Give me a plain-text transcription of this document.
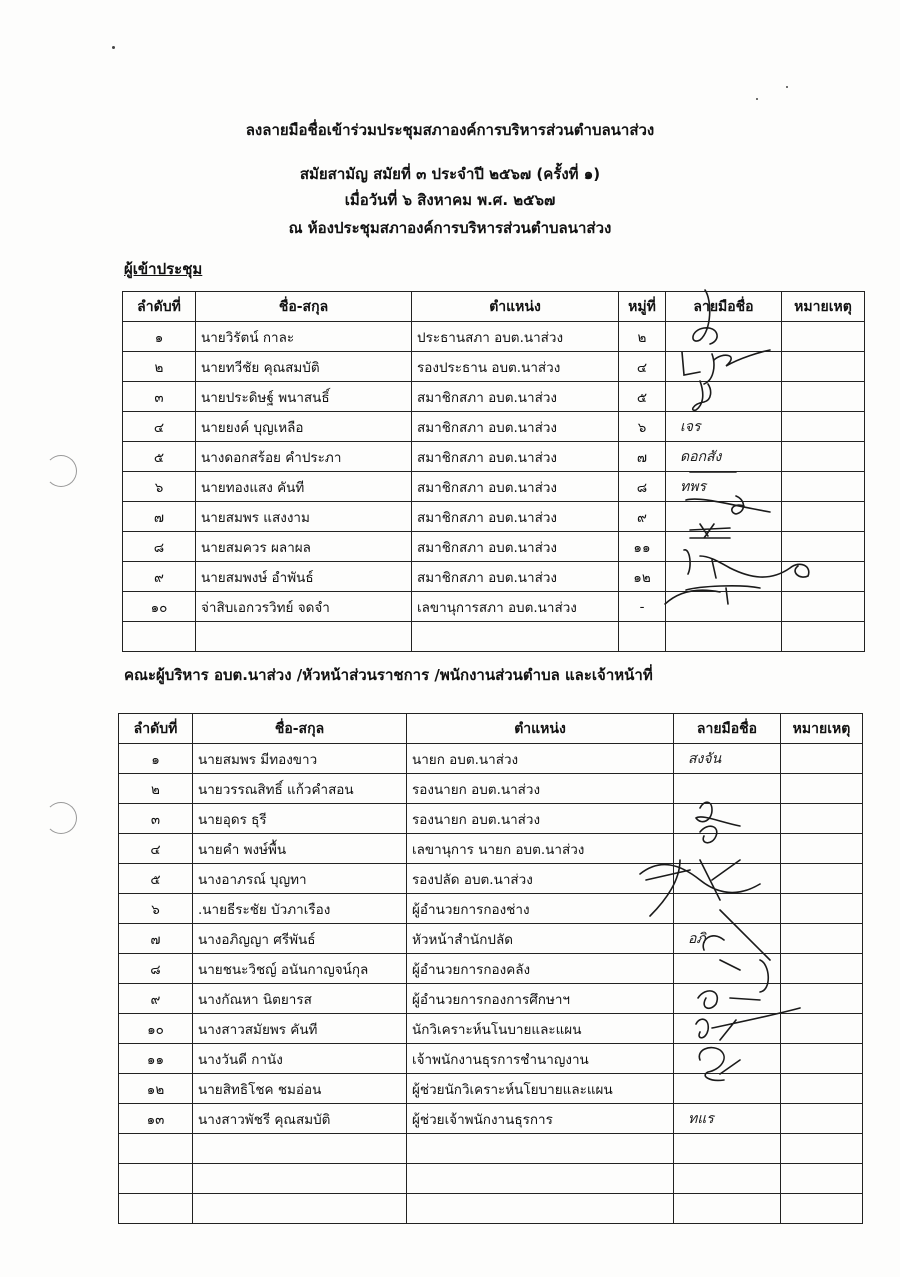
ลงลายมือชื่อเข้าร่วมประชุมสภาองค์การบริหารส่วนตำบลนาส่วง
สมัยสามัญ สมัยที่ ๓ ประจำปี ๒๕๖๗ (ครั้งที่ ๑)
เมื่อวันที่ ๖ สิงหาคม พ.ศ. ๒๕๖๗
ณ ห้องประชุมสภาองค์การบริหารส่วนตำบลนาส่วง
ผู้เข้าประชุม
ลำดับที่	ชื่อ-สกุล	ตำแหน่ง	หมู่ที่	ลายมือชื่อ	หมายเหตุ
๑	นายวิรัตน์ กาละ	ประธานสภา อบต.นาส่วง	๒		
๒	นายทวีชัย คุณสมบัติ	รองประธาน อบต.นาส่วง	๔		
๓	นายประดิษฐ์ พนาสนธิ์	สมาชิกสภา อบต.นาส่วง	๕		
๔	นายยงค์ บุญเหลือ	สมาชิกสภา อบต.นาส่วง	๖	เจร	

๕	นางดอกสร้อย คำประภา	สมาชิกสภา อบต.นาส่วง	๗	ดอกสัง	

๖	นายทองแสง คันที	สมาชิกสภา อบต.นาส่วง	๘	ทพร	

๗	นายสมพร แสงงาม	สมาชิกสภา อบต.นาส่วง	๙		
๘	นายสมควร ผลาผล	สมาชิกสภา อบต.นาส่วง	๑๑		
๙	นายสมพงษ์ อำพันธ์	สมาชิกสภา อบต.นาส่วง	๑๒		
๑๐	จ่าสิบเอกวรวิทย์ จดจำ	เลขานุการสภา อบต.นาส่วง	-		

คณะผู้บริหาร อบต.นาส่วง /หัวหน้าส่วนราชการ /พนักงานส่วนตำบล และเจ้าหน้าที่
ลำดับที่	ชื่อ-สกุล	ตำแหน่ง	ลายมือชื่อ	หมายเหตุ
๑	นายสมพร มีทองขาว	นายก อบต.นาส่วง	สงจัน	

๒	นายวรรณสิทธิ์ แก้วคำสอน	รองนายก อบต.นาส่วง		
๓	นายอุดร ธุรี	รองนายก อบต.นาส่วง		
๔	นายคำ พงษ์พื้น	เลขานุการ นายก อบต.นาส่วง		
๕	นางอาภรณ์ บุญทา	รองปลัด อบต.นาส่วง		
๖	.นายธีระชัย บัวภาเรือง	ผู้อำนวยการกองช่าง		
๗	นางอภิญญา ศรีพันธ์	หัวหน้าสำนักปลัด	อภิ	

๘	นายชนะวิชญ์ อนันกาญจน์กุล	ผู้อำนวยการกองคลัง		
๙	นางกัณหา นิตยารส	ผู้อำนวยการกองการศึกษาฯ		
๑๐	นางสาวสมัยพร คันที	นักวิเคราะห์นโนบายและแผน		
๑๑	นางวันดี กานัง	เจ้าพนักงานธุรการชำนาญงาน		
๑๒	นายสิทธิโชค ชมอ่อน	ผู้ช่วยนักวิเคราะห์นโยบายและแผน		
๑๓	นางสาวพัชรี คุณสมบัติ	ผู้ช่วยเจ้าพนักงานธุรการ	ทแร	
